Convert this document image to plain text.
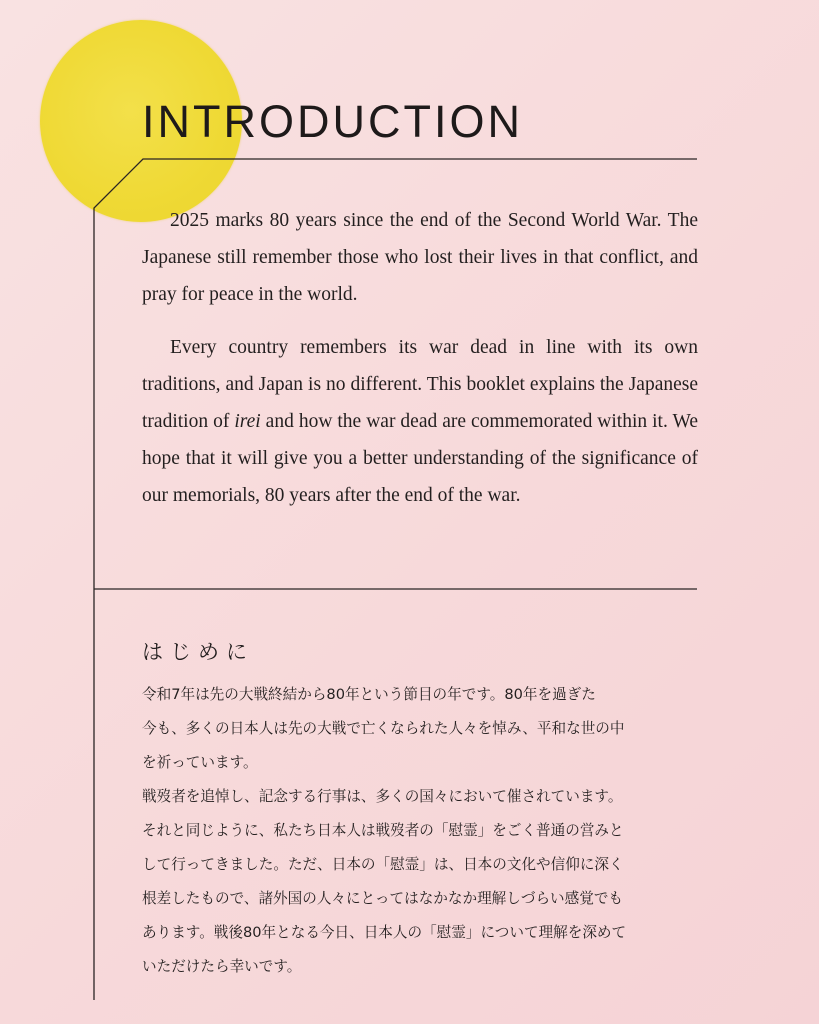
INTRODUCTION

2025 marks 80 years since the end of the Second World War. The Japanese still remember those who lost their lives in that conflict, and pray for peace in the world.

Every country remembers its war dead in line with its own traditions, and Japan is no different. This booklet explains the Japanese tradition of irei and how the war dead are commemorated within it. We hope that it will give you a better understanding of the significance of our memorials, 80 years after the end of the war.

はじめに
令和7年は先の大戦終結から80年という節目の年です。80年を過ぎた
今も、多くの日本人は先の大戦で亡くなられた人々を悼み、平和な世の中
を祈っています。
戦歿者を追悼し、記念する行事は、多くの国々において催されています。
それと同じように、私たち日本人は戦歿者の「慰霊」をごく普通の営みと
して行ってきました。ただ、日本の「慰霊」は、日本の文化や信仰に深く
根差したもので、諸外国の人々にとってはなかなか理解しづらい感覚でも
あります。戦後80年となる今日、日本人の「慰霊」について理解を深めて
いただけたら幸いです。
